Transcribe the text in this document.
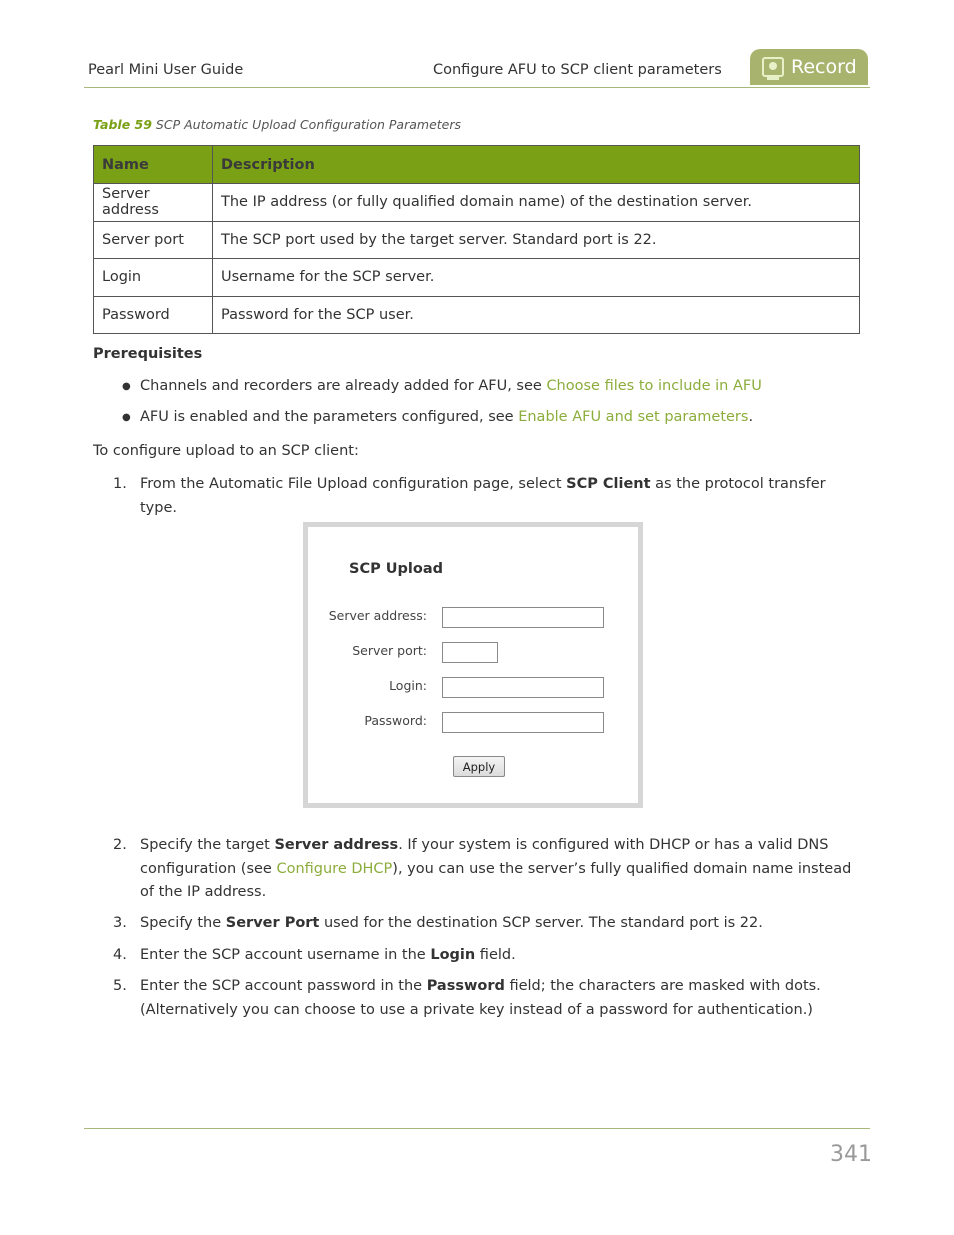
Pearl Mini User Guide	Configure AFU to SCP client parameters	Record
Table 59 SCP Automatic Upload Configuration Parameters
Name	Description
Server address	The IP address (or fully qualified domain name) of the destination server.
Server port	The SCP port used by the target server. Standard port is 22.
Login	Username for the SCP server.
Password	Password for the SCP user.
Prerequisites
● Channels and recorders are already added for AFU, see Choose files to include in AFU
● AFU is enabled and the parameters configured, see Enable AFU and set parameters.
To configure upload to an SCP client:
1. From the Automatic File Upload configuration page, select SCP Client as the protocol transfer type.
SCP Upload
Server address:
Server port:
Login:
Password:
Apply
2. Specify the target Server address. If your system is configured with DHCP or has a valid DNS configuration (see Configure DHCP), you can use the server’s fully qualified domain name instead of the IP address.
3. Specify the Server Port used for the destination SCP server. The standard port is 22.
4. Enter the SCP account username in the Login field.
5. Enter the SCP account password in the Password field; the characters are masked with dots. (Alternatively you can choose to use a private key instead of a password for authentication.)
341
